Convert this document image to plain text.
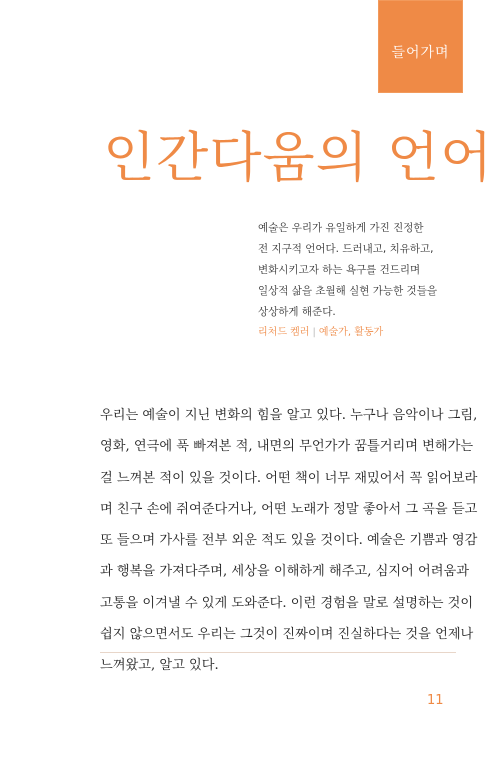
들어가며
인간다움의 언어
예술은 우리가 유일하게 가진 진정한
전 지구적 언어다. 드러내고, 치유하고,
변화시키고자 하는 욕구를 건드리며
일상적 삶을 초월해 실현 가능한 것들을
상상하게 해준다.
리처드 켐러 | 예술가, 활동가
우리는 예술이 지닌 변화의 힘을 알고 있다. 누구나 음악이나 그림,
영화, 연극에 푹 빠져본 적, 내면의 무언가가 꿈틀거리며 변해가는
걸 느껴본 적이 있을 것이다. 어떤 책이 너무 재밌어서 꼭 읽어보라
며 친구 손에 쥐여준다거나, 어떤 노래가 정말 좋아서 그 곡을 듣고
또 들으며 가사를 전부 외운 적도 있을 것이다. 예술은 기쁨과 영감
과 행복을 가져다주며, 세상을 이해하게 해주고, 심지어 어려움과
고통을 이겨낼 수 있게 도와준다. 이런 경험을 말로 설명하는 것이
쉽지 않으면서도 우리는 그것이 진짜이며 진실하다는 것을 언제나
느껴왔고, 알고 있다.
11
